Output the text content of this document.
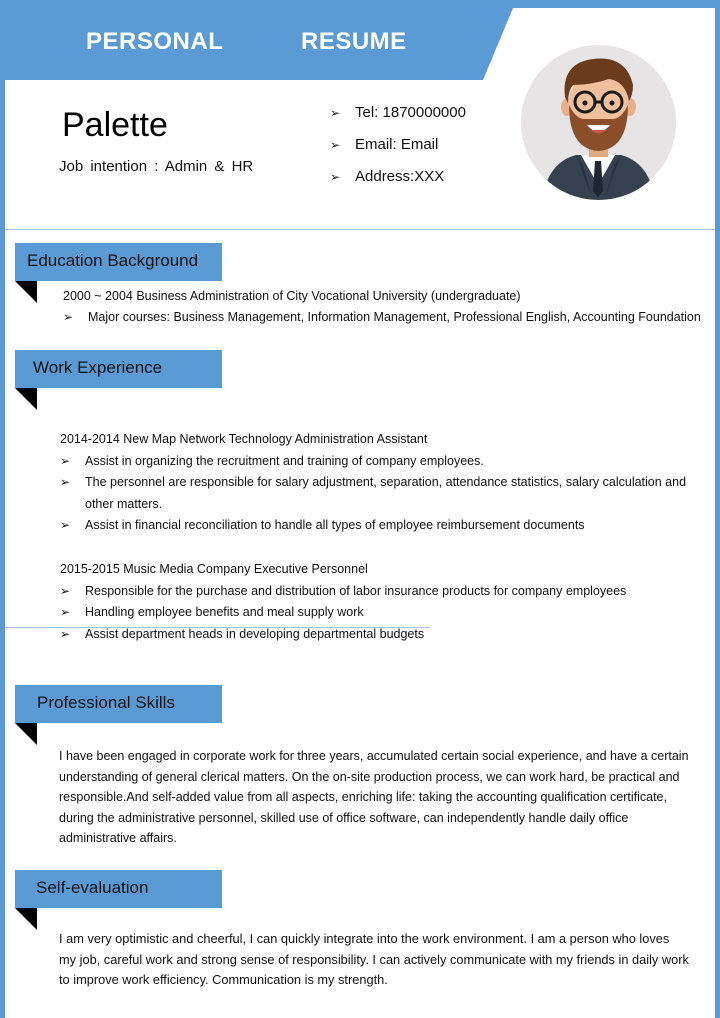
PERSONAL	RESUME
Palette
Job intention : Admin & HR
➢ Tel: 1870000000
➢ Email: Email
➢ Address:XXX
Education Background
2000 ~ 2004 Business Administration of City Vocational University (undergraduate)
➢ Major courses: Business Management, Information Management, Professional English, Accounting Foundation
Work Experience
2014-2014 New Map Network Technology Administration Assistant
➢ Assist in organizing the recruitment and training of company employees.
➢ The personnel are responsible for salary adjustment, separation, attendance statistics, salary calculation and
other matters.
➢ Assist in financial reconciliation to handle all types of employee reimbursement documents
2015-2015 Music Media Company Executive Personnel
➢ Responsible for the purchase and distribution of labor insurance products for company employees
➢ Handling employee benefits and meal supply work
➢ Assist department heads in developing departmental budgets
Professional Skills
I have been engaged in corporate work for three years, accumulated certain social experience, and have a certain understanding of general clerical matters. On the on-site production process, we can work hard, be practical and responsible.And self-added value from all aspects, enriching life: taking the accounting qualification certificate, during the administrative personnel, skilled use of office software, can independently handle daily office administrative affairs.
Self-evaluation
I am very optimistic and cheerful, I can quickly integrate into the work environment. I am a person who loves my job, careful work and strong sense of responsibility. I can actively communicate with my friends in daily work to improve work efficiency. Communication is my strength.
